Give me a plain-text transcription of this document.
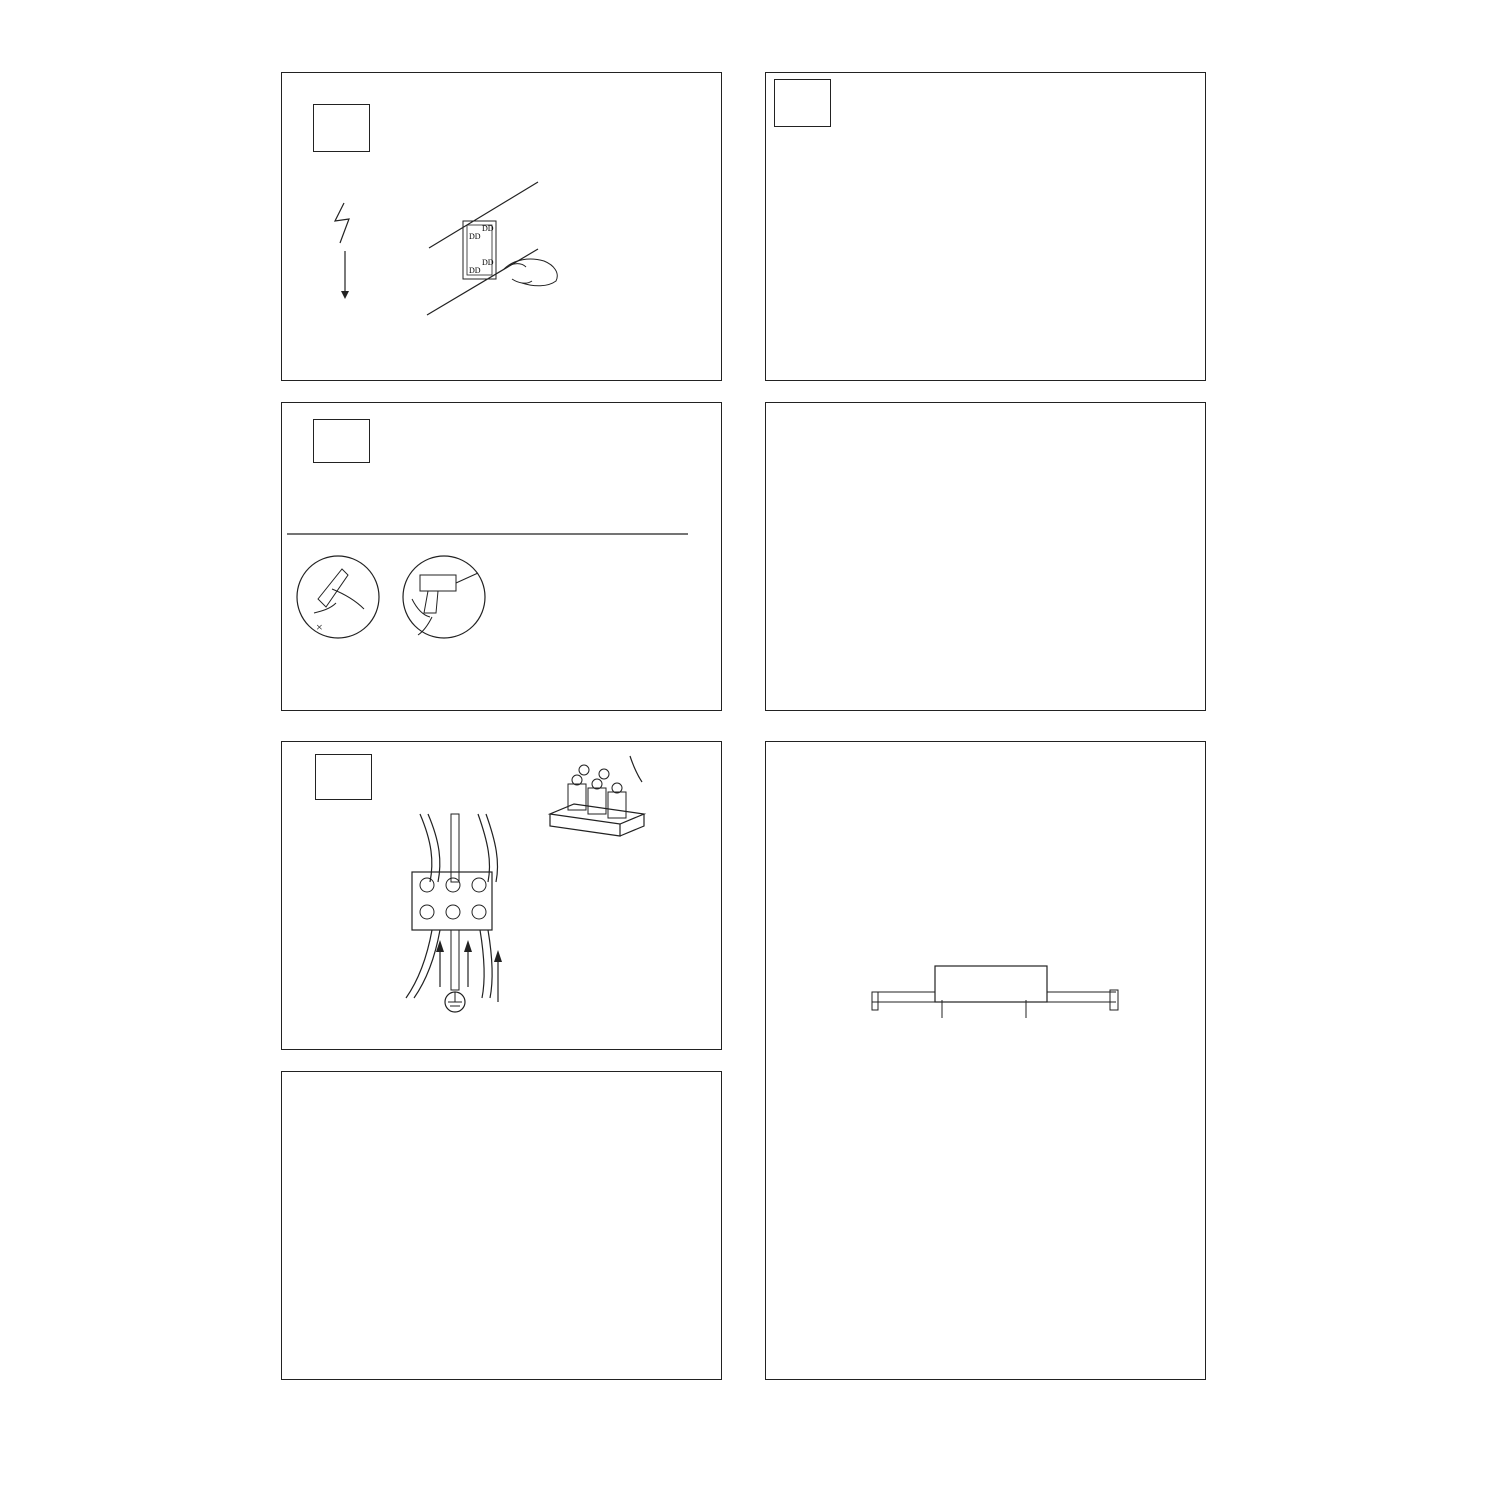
DD
DD
DD
DD
×
